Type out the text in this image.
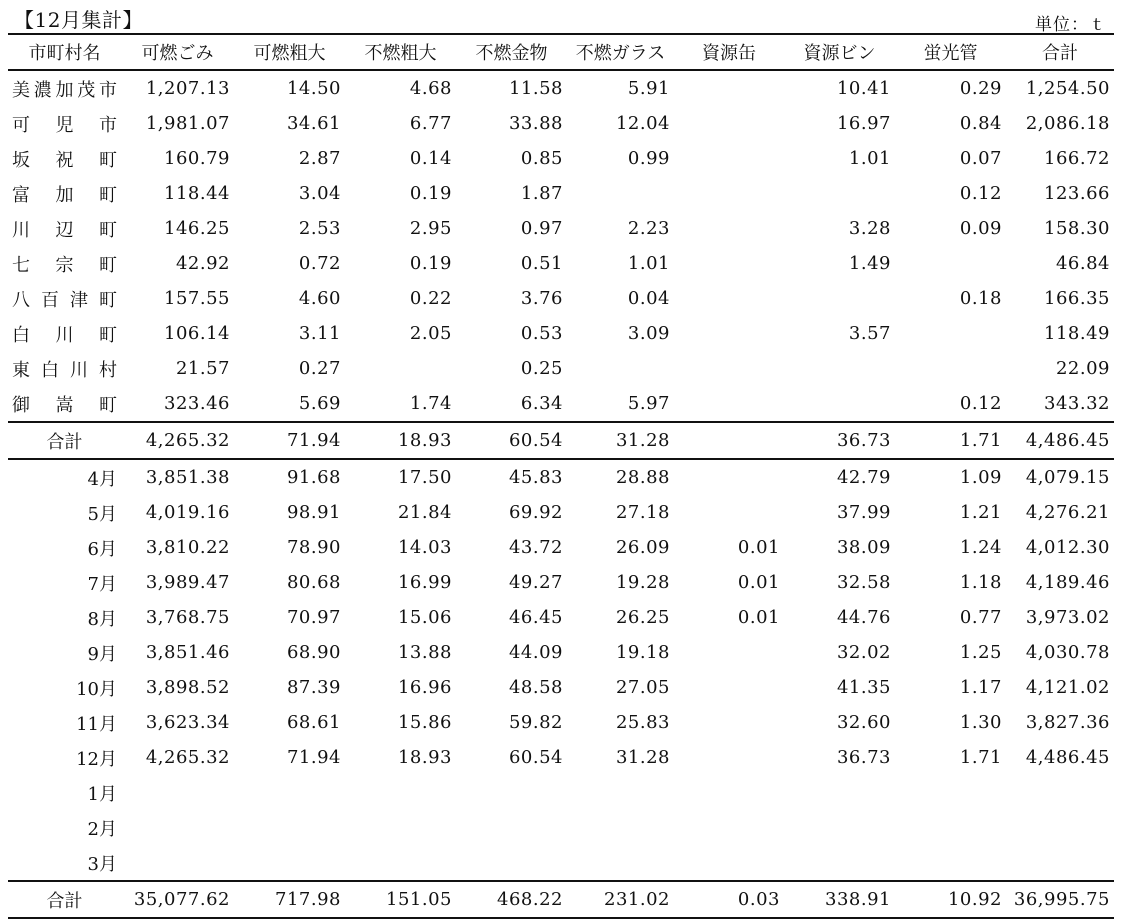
【12月集計】	単位：ｔ
市町村名	可燃ごみ	可燃粗大	不燃粗大	不燃金物	不燃ガラス	資源缶	資源ビン	蛍光管	合計
美濃加茂市	1,207.13	14.50	4.68	11.58	5.91		10.41	0.29	1,254.50
可　児　市	1,981.07	34.61	6.77	33.88	12.04		16.97	0.84	2,086.18
坂　祝　町	160.79	2.87	0.14	0.85	0.99		1.01	0.07	166.72
富　加　町	118.44	3.04	0.19	1.87				0.12	123.66
川　辺　町	146.25	2.53	2.95	0.97	2.23		3.28	0.09	158.30
七　宗　町	42.92	0.72	0.19	0.51	1.01		1.49		46.84
八百津町	157.55	4.60	0.22	3.76	0.04			0.18	166.35
白　川　町	106.14	3.11	2.05	0.53	3.09		3.57		118.49
東白川村	21.57	0.27		0.25					22.09
御　嵩　町	323.46	5.69	1.74	6.34	5.97			0.12	343.32
合計	4,265.32	71.94	18.93	60.54	31.28		36.73	1.71	4,486.45
4月	3,851.38	91.68	17.50	45.83	28.88		42.79	1.09	4,079.15
5月	4,019.16	98.91	21.84	69.92	27.18		37.99	1.21	4,276.21
6月	3,810.22	78.90	14.03	43.72	26.09	0.01	38.09	1.24	4,012.30
7月	3,989.47	80.68	16.99	49.27	19.28	0.01	32.58	1.18	4,189.46
8月	3,768.75	70.97	15.06	46.45	26.25	0.01	44.76	0.77	3,973.02
9月	3,851.46	68.90	13.88	44.09	19.18		32.02	1.25	4,030.78
10月	3,898.52	87.39	16.96	48.58	27.05		41.35	1.17	4,121.02
11月	3,623.34	68.61	15.86	59.82	25.83		32.60	1.30	3,827.36
12月	4,265.32	71.94	18.93	60.54	31.28		36.73	1.71	4,486.45
1月									
2月									
3月									
合計	35,077.62	717.98	151.05	468.22	231.02	0.03	338.91	10.92	36,995.75
